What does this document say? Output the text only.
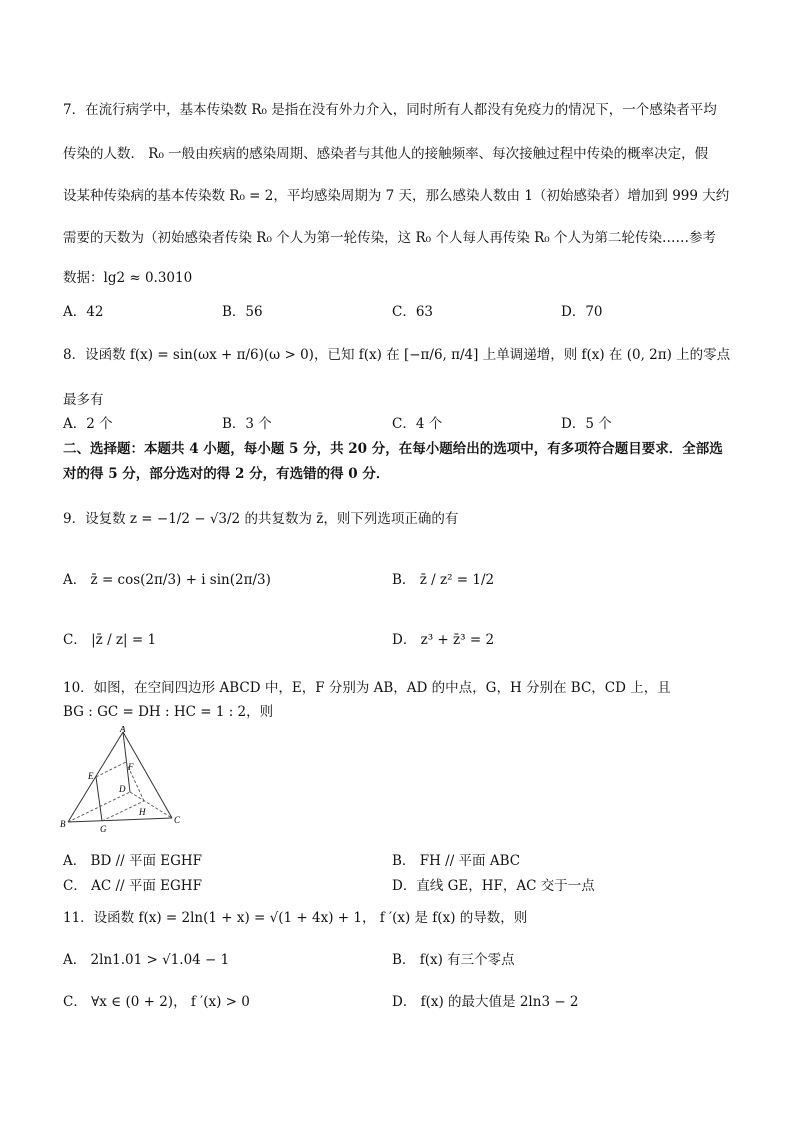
7．在流行病学中，基本传染数 R₀ 是指在没有外力介入，同时所有人都没有免疫力的情况下，一个感染者平均
传染的人数． R₀ 一般由疾病的感染周期、感染者与其他人的接触频率、每次接触过程中传染的概率决定，假
设某种传染病的基本传染数 R₀ = 2，平均感染周期为 7 天，那么感染人数由 1（初始感染者）增加到 999 大约
需要的天数为（初始感染者传染 R₀ 个人为第一轮传染，这 R₀ 个人每人再传染 R₀ 个人为第二轮传染……参考
数据：lg2 ≈ 0.3010
A．42	B．56	C．63	D．70
8．设函数 f(x) = sin(ωx + π/6)(ω > 0)，已知 f(x) 在 [−π/6, π/4] 上单调递增，则 f(x) 在 (0, 2π) 上的零点
最多有
A．2 个	B．3 个	C．4 个	D．5 个
二、选择题：本题共 4 小题，每小题 5 分，共 20 分，在每小题给出的选项中，有多项符合题目要求．全部选
对的得 5 分，部分选对的得 2 分，有选错的得 0 分．
9．设复数 z = −1/2 − √3/2 的共复数为 z̄，则下列选项正确的有
A． z̄ = cos(2π/3) + i sin(2π/3)	B． z̄ / z² = 1/2
C． |z̄ / z| = 1	D． z³ + z̄³ = 2
10．如图，在空间四边形 ABCD 中，E，F 分别为 AB，AD 的中点，G，H 分别在 BC，CD 上，且
BG : GC = DH : HC = 1 : 2，则
A
B	C
D
E
F
G
H
A． BD // 平面 EGHF	B． FH // 平面 ABC
C． AC // 平面 EGHF	D．直线 GE，HF，AC 交于一点
11．设函数 f(x) = 2ln(1 + x) = √(1 + 4x) + 1， f ′(x) 是 f(x) 的导数，则
A． 2ln1.01 > √1.04 − 1	B． f(x) 有三个零点
C． ∀x ∈ (0 + 2)， f ′(x) > 0	D． f(x) 的最大值是 2ln3 − 2
